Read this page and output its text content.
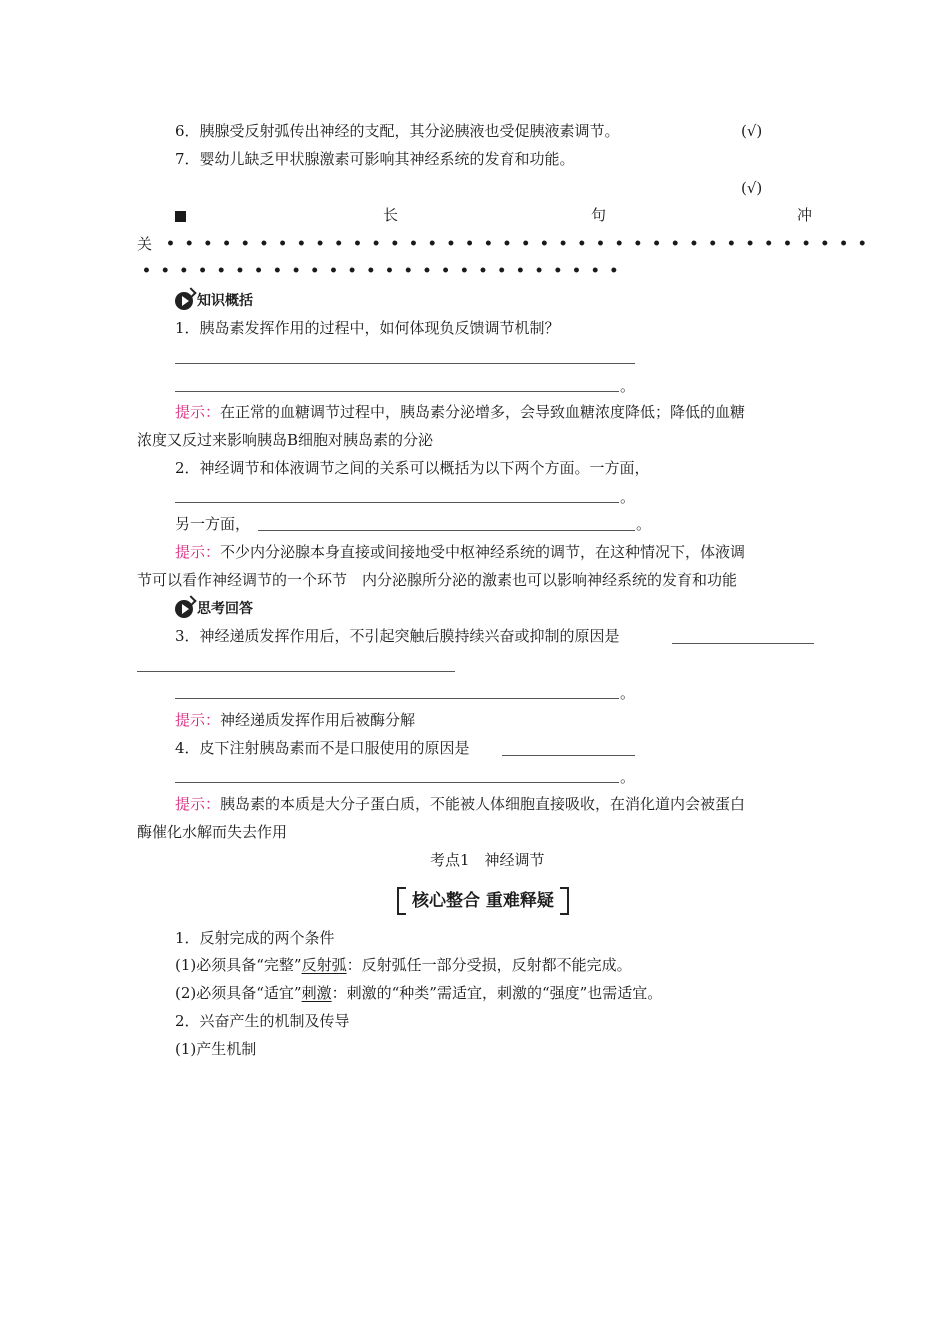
6．胰腺受反射弧传出神经的支配，其分泌胰液也受促胰液素调节。	(√)
7．婴幼儿缺乏甲状腺激素可影响其神经系统的发育和功能。
(√)
长	句	冲
关 •  •  •  •  •  •  •  •  •  •  •  •  •  •  •  •  •  •  •  •  •  •  •  •  •  •  •  •  •  •  •  •  •  •  •  •  •  •
•  •  •  •  •  •  •  •  •  •  •  •  •  •  •  •  •  •  •  •  •  •  •  •  •  •
知识概括
1．胰岛素发挥作用的过程中，如何体现负反馈调节机制？
。
提示：在正常的血糖调节过程中，胰岛素分泌增多，会导致血糖浓度降低；降低的血糖
浓度又反过来影响胰岛B细胞对胰岛素的分泌
2．神经调节和体液调节之间的关系可以概括为以下两个方面。一方面，
。
另一方面，	。
提示：不少内分泌腺本身直接或间接地受中枢神经系统的调节，在这种情况下，体液调
节可以看作神经调节的一个环节　内分泌腺所分泌的激素也可以影响神经系统的发育和功能
思考回答
3．神经递质发挥作用后，不引起突触后膜持续兴奋或抑制的原因是
。
提示：神经递质发挥作用后被酶分解
4．皮下注射胰岛素而不是口服使用的原因是
。
提示：胰岛素的本质是大分子蛋白质，不能被人体细胞直接吸收，在消化道内会被蛋白
酶催化水解而失去作用
考点1　神经调节
核心整合 重难释疑
1．反射完成的两个条件
(1)必须具备“完整”反射弧：反射弧任一部分受损，反射都不能完成。
(2)必须具备“适宜”刺激：刺激的“种类”需适宜，刺激的“强度”也需适宜。
2．兴奋产生的机制及传导
(1)产生机制
